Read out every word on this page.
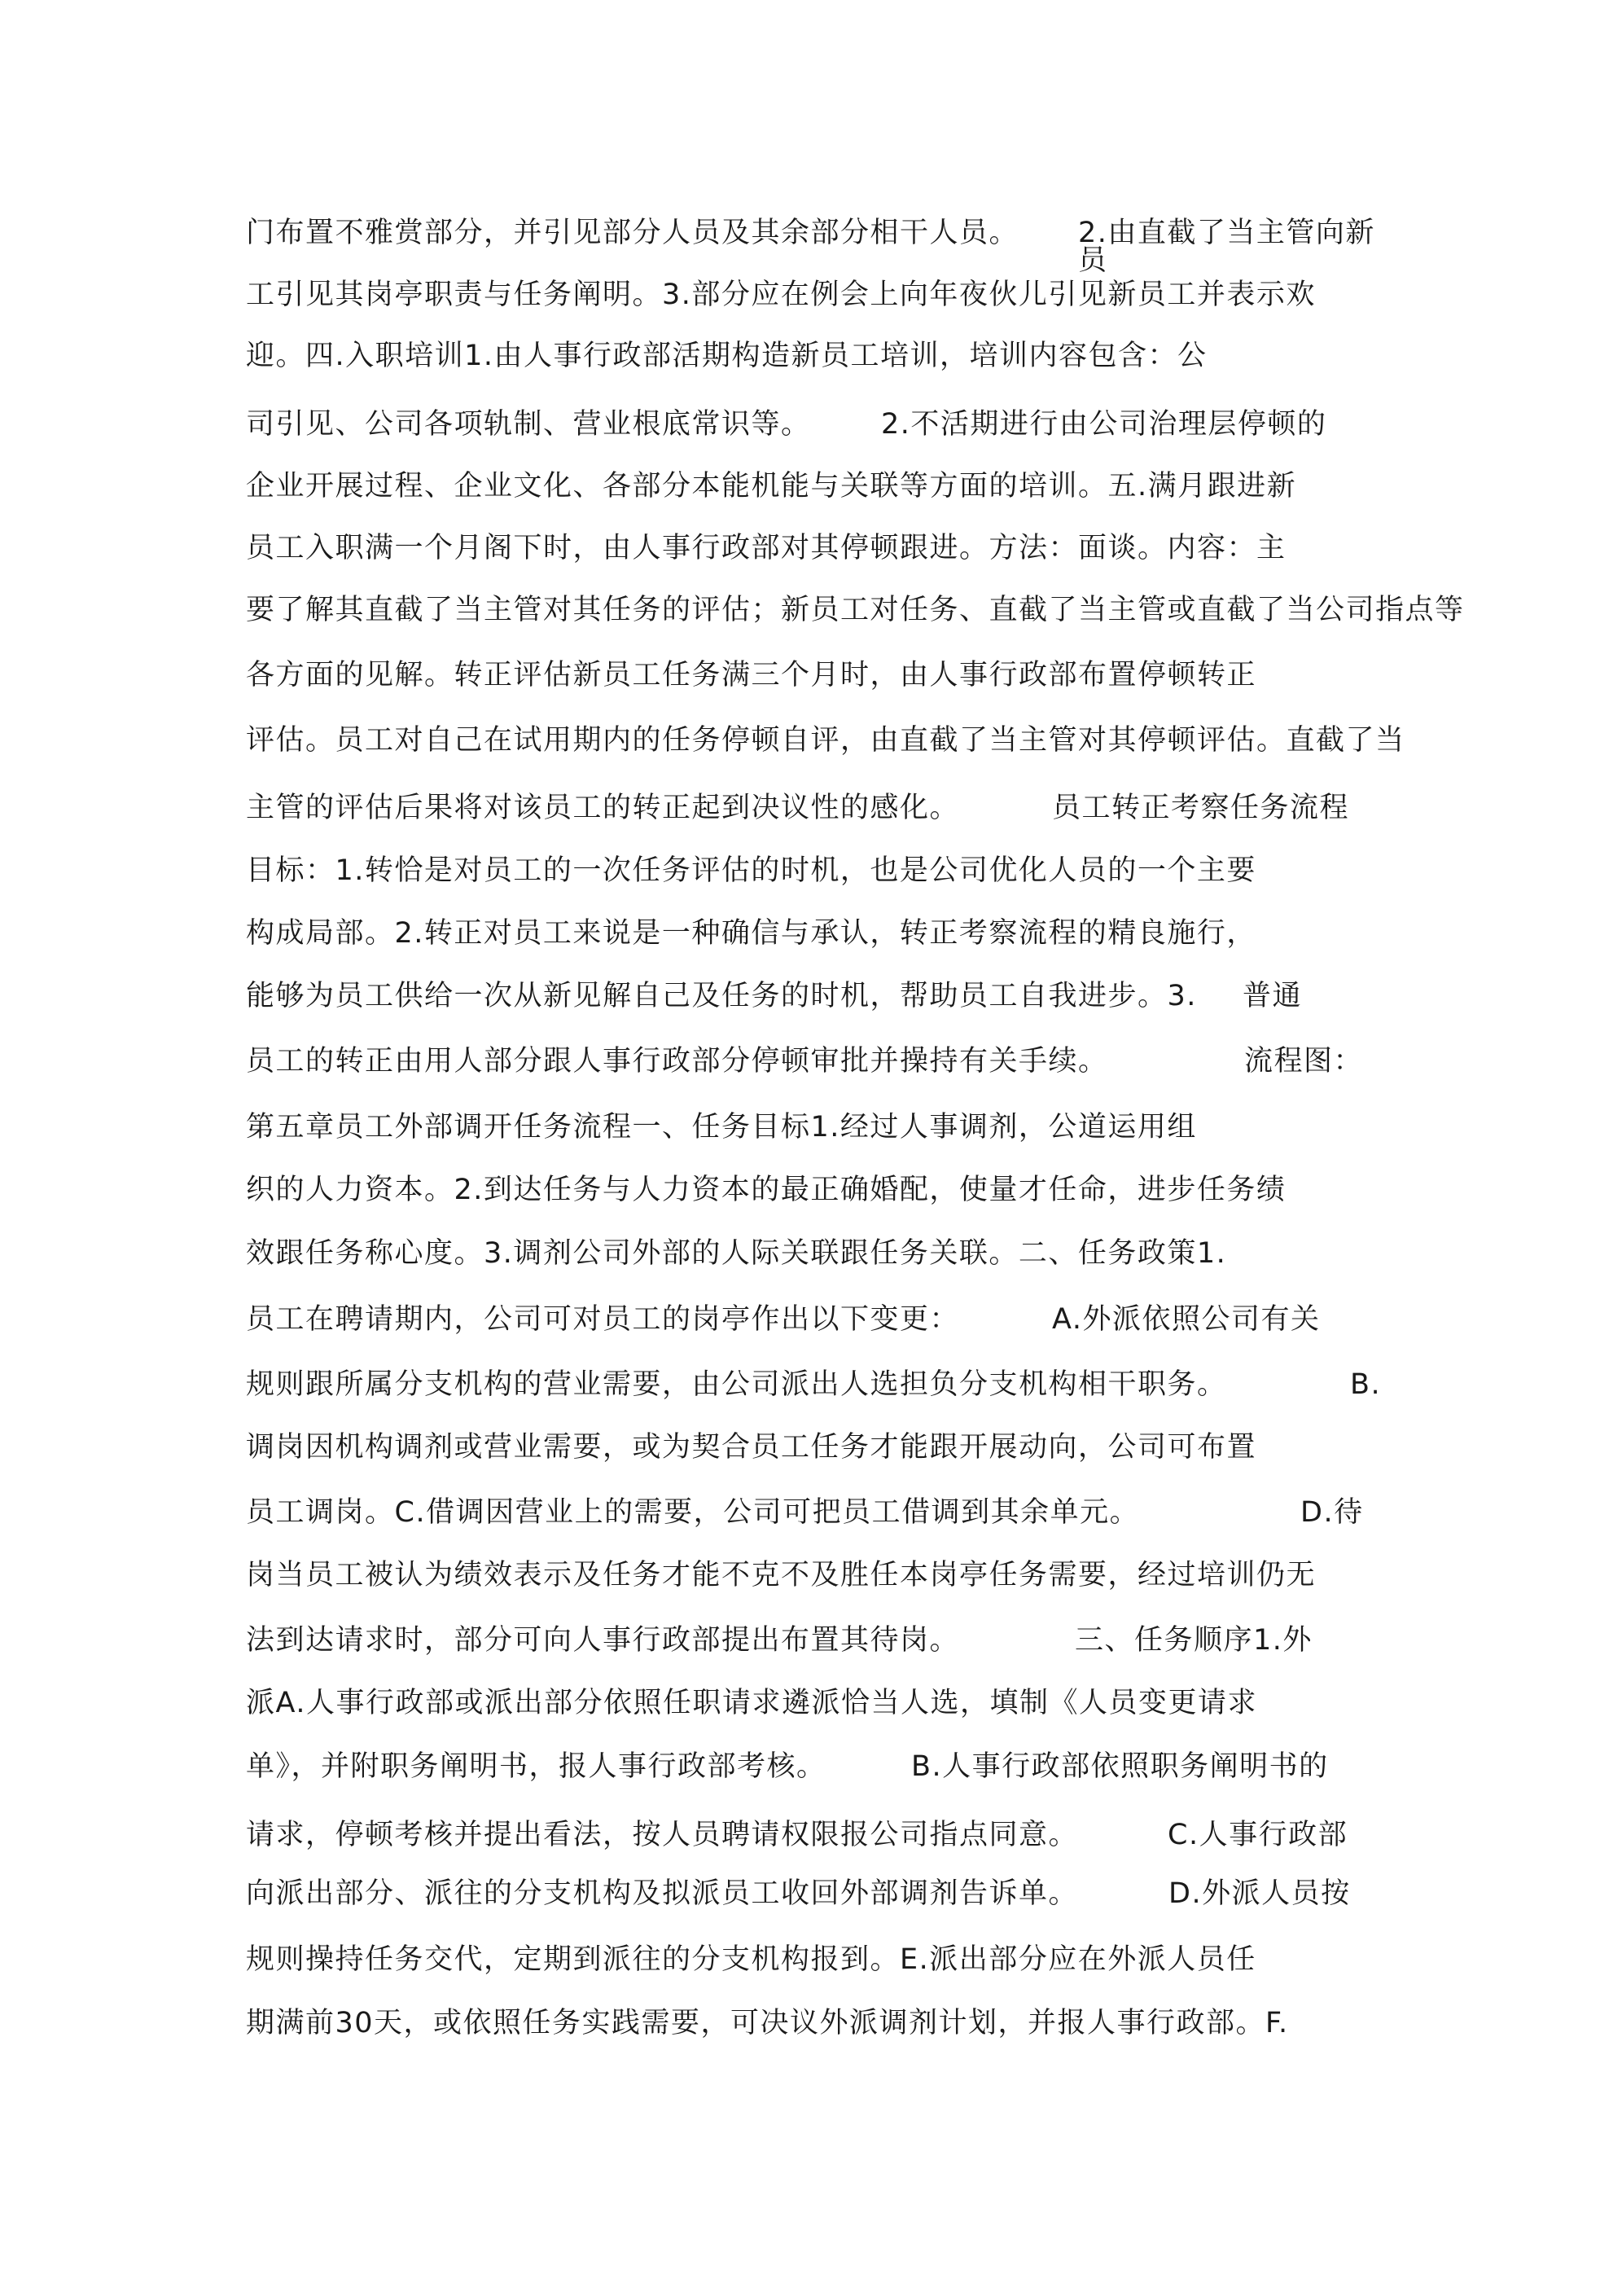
门布置不雅赏部分，并引见部分人员及其余部分相干人员。 2.由直截了当主管向新
员
工引见其岗亭职责与任务阐明。3.部分应在例会上向年夜伙儿引见新员工并表示欢
迎。四.入职培训1.由人事行政部活期构造新员工培训，培训内容包含：公
司引见、公司各项轨制、营业根底常识等。 2.不活期进行由公司治理层停顿的
企业开展过程、企业文化、各部分本能机能与关联等方面的培训。五.满月跟进新
员工入职满一个月阁下时，由人事行政部对其停顿跟进。方法：面谈。内容：主
要了解其直截了当主管对其任务的评估；新员工对任务、直截了当主管或直截了当公司指点等
各方面的见解。转正评估新员工任务满三个月时，由人事行政部布置停顿转正
评估。员工对自己在试用期内的任务停顿自评，由直截了当主管对其停顿评估。直截了当
主管的评估后果将对该员工的转正起到决议性的感化。	员工转正考察任务流程
目标：1.转恰是对员工的一次任务评估的时机，也是公司优化人员的一个主要
构成局部。2.转正对员工来说是一种确信与承认，转正考察流程的精良施行，
能够为员工供给一次从新见解自己及任务的时机，帮助员工自我进步。3. 普通
员工的转正由用人部分跟人事行政部分停顿审批并操持有关手续。	流程图：
第五章员工外部调开任务流程一、任务目标1.经过人事调剂，公道运用组
织的人力资本。2.到达任务与人力资本的最正确婚配，使量才任命，进步任务绩
效跟任务称心度。3.调剂公司外部的人际关联跟任务关联。二、任务政策1.
员工在聘请期内，公司可对员工的岗亭作出以下变更：	A.外派依照公司有关
规则跟所属分支机构的营业需要，由公司派出人选担负分支机构相干职务。	B.
调岗因机构调剂或营业需要，或为契合员工任务才能跟开展动向，公司可布置
员工调岗。C.借调因营业上的需要，公司可把员工借调到其余单元。	D.待
岗当员工被认为绩效表示及任务才能不克不及胜任本岗亭任务需要，经过培训仍无
法到达请求时，部分可向人事行政部提出布置其待岗。	三、任务顺序1.外
派A.人事行政部或派出部分依照任职请求遴派恰当人选，填制《人员变更请求
单》，并附职务阐明书，报人事行政部考核。	B.人事行政部依照职务阐明书的
请求，停顿考核并提出看法，按人员聘请权限报公司指点同意。	C.人事行政部
向派出部分、派往的分支机构及拟派员工收回外部调剂告诉单。	D.外派人员按
规则操持任务交代，定期到派往的分支机构报到。E.派出部分应在外派人员任
期满前30天，或依照任务实践需要，可决议外派调剂计划，并报人事行政部。F.
